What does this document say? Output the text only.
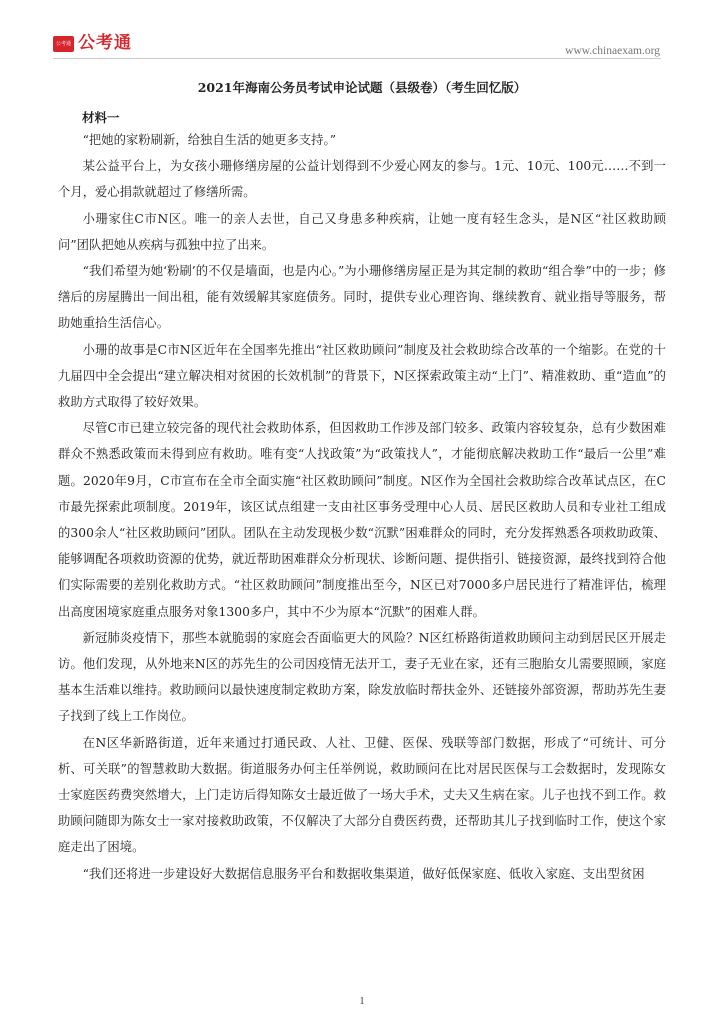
公考通 公考通	www.chinaexam.org
2021年海南公务员考试申论试题（县级卷）（考生回忆版）
材料一

“把她的家粉刷新，给独自生活的她更多支持。”

某公益平台上，为女孩小珊修缮房屋的公益计划得到不少爱心网友的参与。1元、10元、100元……不到一个月，爱心捐款就超过了修缮所需。

小珊家住C市N区。唯一的亲人去世，自己又身患多种疾病，让她一度有轻生念头，是N区“社区救助顾问”团队把她从疾病与孤独中拉了出来。

“我们希望为她‘粉刷’的不仅是墙面，也是内心。”为小珊修缮房屋正是为其定制的救助“组合拳”中的一步；修缮后的房屋腾出一间出租，能有效缓解其家庭债务。同时，提供专业心理咨询、继续教育、就业指导等服务，帮助她重拾生活信心。

小珊的故事是C市N区近年在全国率先推出“社区救助顾问”制度及社会救助综合改革的一个缩影。在党的十九届四中全会提出“建立解决相对贫困的长效机制”的背景下，N区探索政策主动“上门”、精准救助、重“造血”的救助方式取得了较好效果。

尽管C市已建立较完备的现代社会救助体系，但因救助工作涉及部门较多、政策内容较复杂，总有少数困难群众不熟悉政策而未得到应有救助。唯有变“人找政策”为“政策找人”，才能彻底解决救助工作“最后一公里”难题。2020年9月，C市宣布在全市全面实施“社区救助顾问”制度。N区作为全国社会救助综合改革试点区，在C市最先探索此项制度。2019年，该区试点组建一支由社区事务受理中心人员、居民区救助人员和专业社工组成的300余人“社区救助顾问”团队。团队在主动发现极少数“沉默”困难群众的同时，充分发挥熟悉各项救助政策、能够调配各项救助资源的优势，就近帮助困难群众分析现状、诊断问题、提供指引、链接资源，最终找到符合他们实际需要的差别化救助方式。“社区救助顾问”制度推出至今，N区已对7000多户居民进行了精准评估，梳理出高度困境家庭重点服务对象1300多户，其中不少为原本“沉默”的困难人群。

新冠肺炎疫情下，那些本就脆弱的家庭会否面临更大的风险？N区红桥路街道救助顾问主动到居民区开展走访。他们发现，从外地来N区的苏先生的公司因疫情无法开工，妻子无业在家，还有三胞胎女儿需要照顾，家庭基本生活难以维持。救助顾问以最快速度制定救助方案，除发放临时帮扶金外、还链接外部资源，帮助苏先生妻子找到了线上工作岗位。

在N区华新路街道，近年来通过打通民政、人社、卫健、医保、残联等部门数据，形成了“可统计、可分析、可关联”的智慧救助大数据。街道服务办何主任举例说，救助顾问在比对居民医保与工会数据时，发现陈女士家庭医药费突然增大，上门走访后得知陈女士最近做了一场大手术，丈夫又生病在家。儿子也找不到工作。救助顾问随即为陈女士一家对接救助政策，不仅解决了大部分自费医药费，还帮助其儿子找到临时工作，使这个家庭走出了困境。

“我们还将进一步建设好大数据信息服务平台和数据收集渠道，做好低保家庭、低收入家庭、支出型贫困

1
